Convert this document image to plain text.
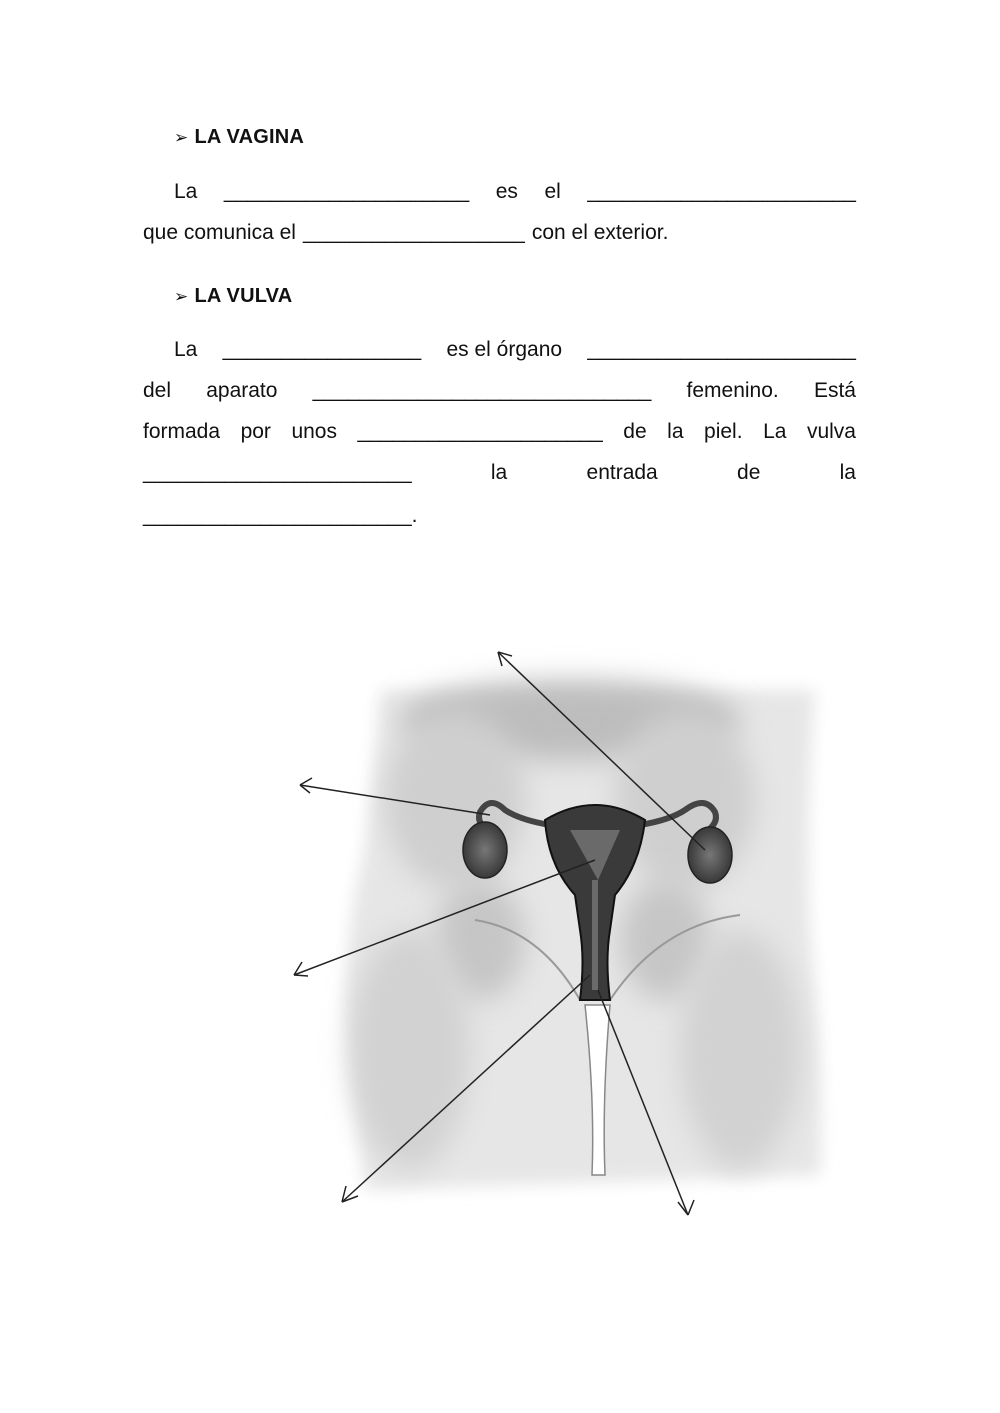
➢ LA VAGINA
La _____________________ es el _______________________
que comunica el ___________________ con el exterior.
➢ LA VULVA
La _________________ es el órgano _______________________
del aparato _____________________________ femenino. Está
formada por unos _____________________ de la piel. La vulva
_______________________	la	entrada	de	la
_______________________.
